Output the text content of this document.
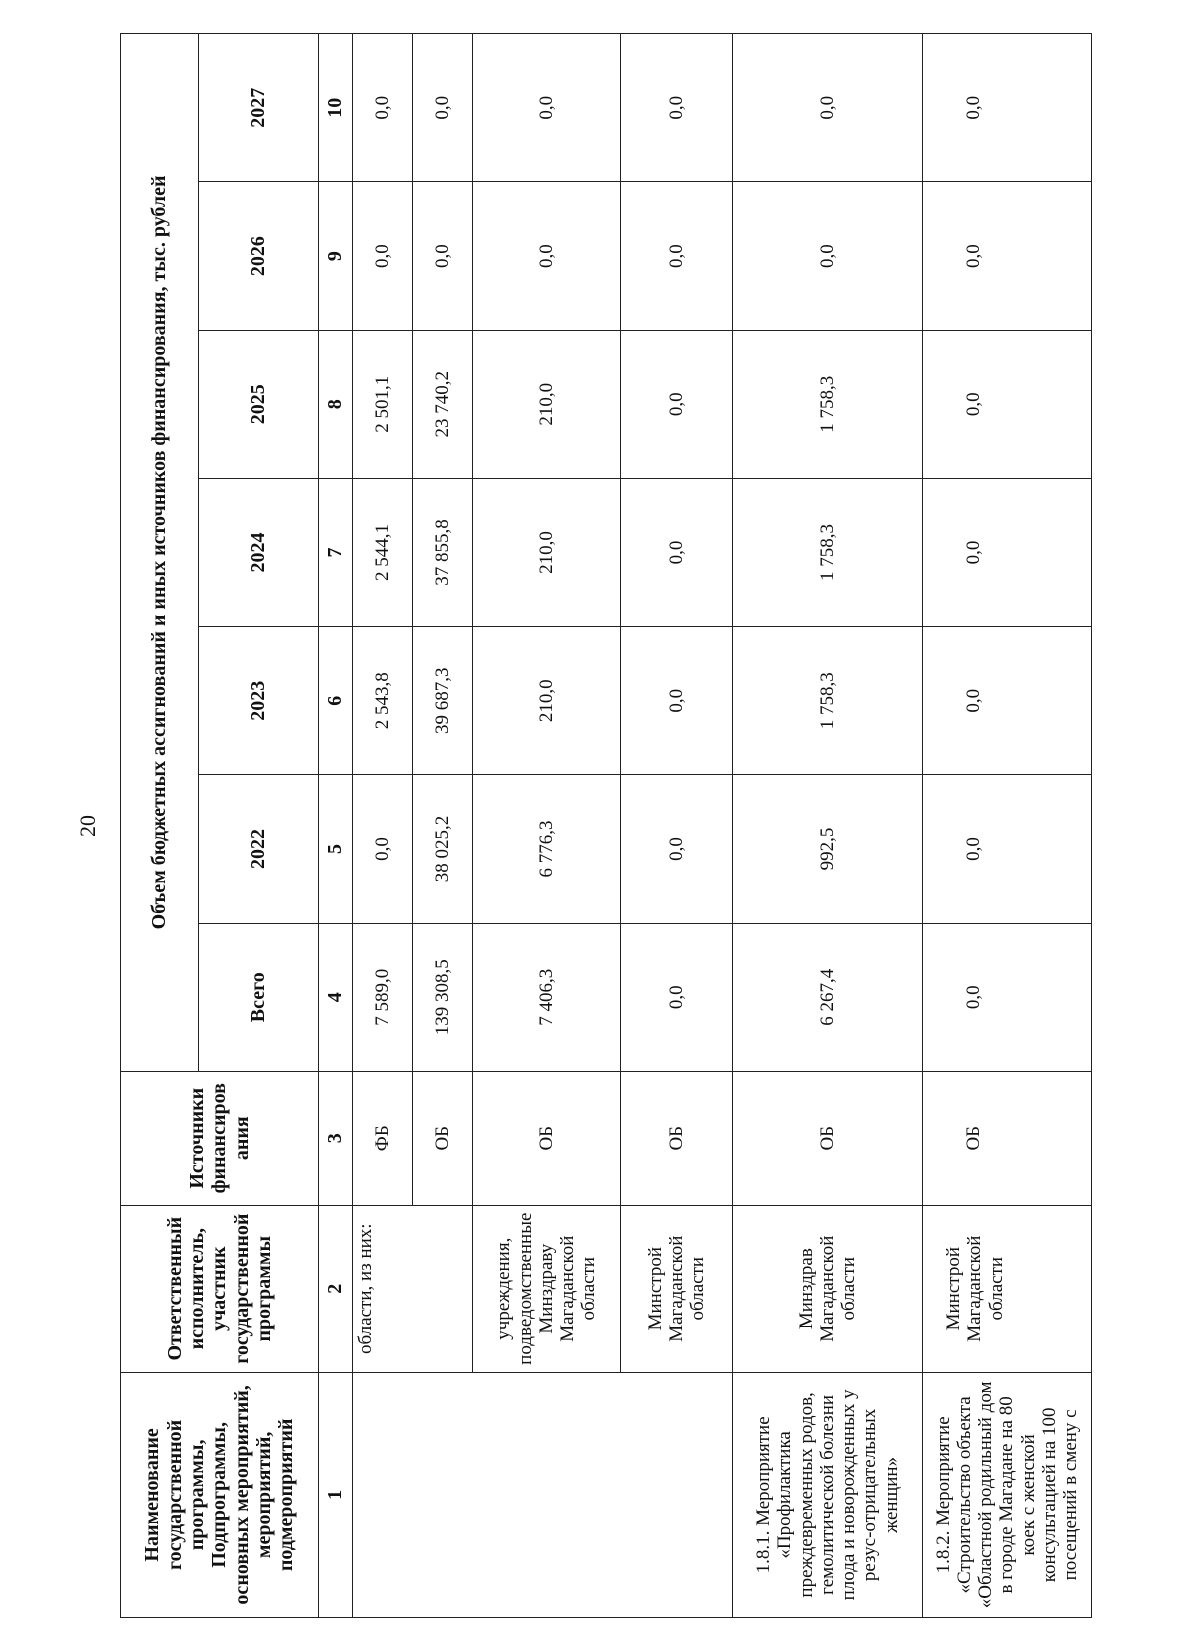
20
Наименование государственной программы, Подпрограммы, основных мероприятий, мероприятий, подмероприятий	Ответственный исполнитель, участник государственной программы	Источники финансиров ания	Объем бюджетных ассигнований и иных источников финансирования, тыс. рублей						
			Всего	2022	2023	2024	2025	2026	2027
1	2	3	4	5	6	7	8	9	10
	области, из них:	ФБ	7 589,0	0,0	2 543,8	2 544,1	2 501,1	0,0	0,0
		ОБ	139 308,5	38 025,2	39 687,3	37 855,8	23 740,2	0,0	0,0
	учреждения, подведомственные Минздраву Магаданской области	ОБ	7 406,3	6 776,3	210,0	210,0	210,0	0,0	0,0
	Минстрой Магаданской области	ОБ	0,0	0,0	0,0	0,0	0,0	0,0	0,0
1.8.1. Мероприятие «Профилактика преждевременных родов, гемолитической болезни плода и новорожденных у резус-отрицательных женщин»	Минздрав Магаданской области	ОБ	6 267,4	992,5	1 758,3	1 758,3	1 758,3	0,0	0,0
1.8.2. Мероприятие «Строительство объекта «Областной родильный дом в городе Магадане на 80 коек с женской консультацией на 100 посещений в смену с	Минстрой Магаданской области	ОБ	0,0	0,0	0,0	0,0	0,0	0,0	0,0
